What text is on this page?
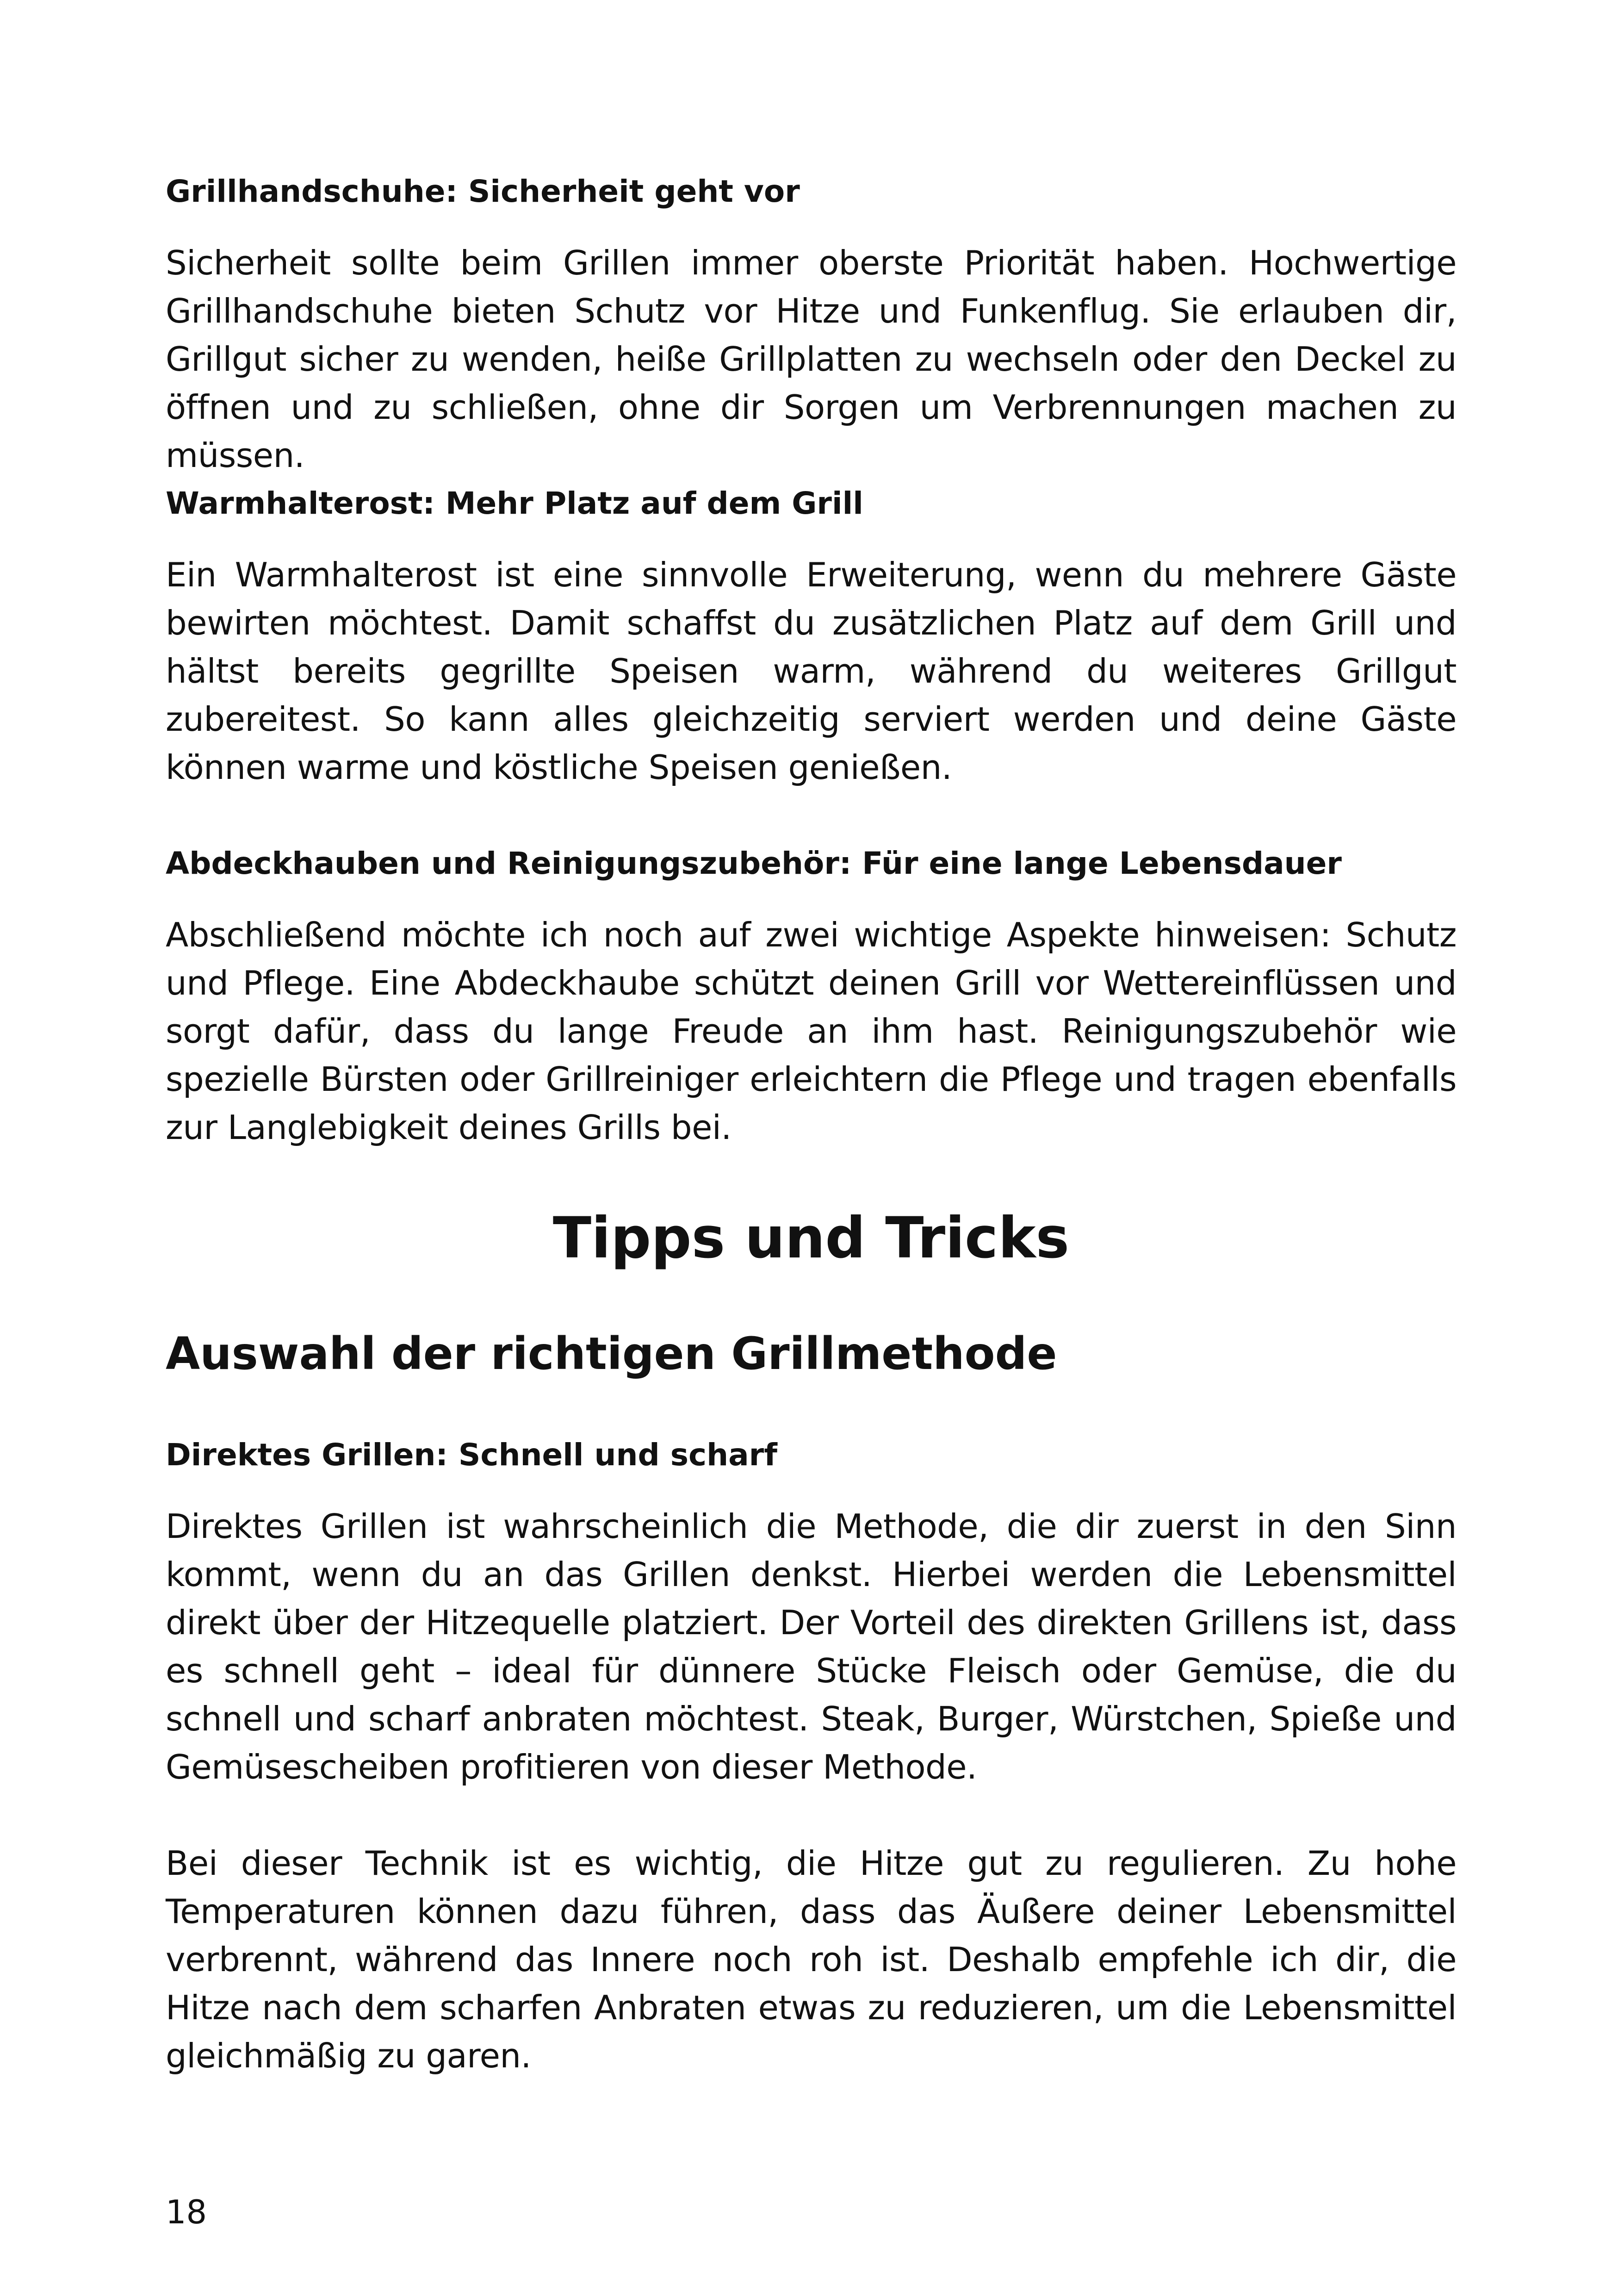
Grillhandschuhe: Sicherheit geht vor

Sicherheit sollte beim Grillen immer oberste Priorität haben. Hochwertige Grillhandschuhe bieten Schutz vor Hitze und Funkenflug. Sie erlauben dir, Grillgut sicher zu wenden, heiße Grillplatten zu wechseln oder den Deckel zu öffnen und zu schließen, ohne dir Sorgen um Verbrennungen machen zu müssen.

Warmhalterost: Mehr Platz auf dem Grill

Ein Warmhalterost ist eine sinnvolle Erweiterung, wenn du mehrere Gäste bewirten möchtest. Damit schaffst du zusätzlichen Platz auf dem Grill und hältst bereits gegrillte Speisen warm, während du weiteres Grillgut zubereitest. So kann alles gleichzeitig serviert werden und deine Gäste können warme und köstliche Speisen genießen.

Abdeckhauben und Reinigungszubehör: Für eine lange Lebensdauer

Abschließend möchte ich noch auf zwei wichtige Aspekte hinweisen: Schutz und Pflege. Eine Abdeckhaube schützt deinen Grill vor Wettereinflüssen und sorgt dafür, dass du lange Freude an ihm hast. Reinigungszubehör wie spezielle Bürsten oder Grillreiniger erleichtern die Pflege und tragen ebenfalls zur Langlebigkeit deines Grills bei.

Tipps und Tricks
Auswahl der richtigen Grillmethode
Direktes Grillen: Schnell und scharf

Direktes Grillen ist wahrscheinlich die Methode, die dir zuerst in den Sinn kommt, wenn du an das Grillen denkst. Hierbei werden die Lebensmittel direkt über der Hitzequelle platziert. Der Vorteil des direkten Grillens ist, dass es schnell geht – ideal für dünnere Stücke Fleisch oder Gemüse, die du schnell und scharf anbraten möchtest. Steak, Burger, Würstchen, Spieße und Gemüsescheiben profitieren von dieser Methode.

Bei dieser Technik ist es wichtig, die Hitze gut zu regulieren. Zu hohe Temperaturen können dazu führen, dass das Äußere deiner Lebensmittel verbrennt, während das Innere noch roh ist. Deshalb empfehle ich dir, die Hitze nach dem scharfen Anbraten etwas zu reduzieren, um die Lebensmittel gleichmäßig zu garen.

18
